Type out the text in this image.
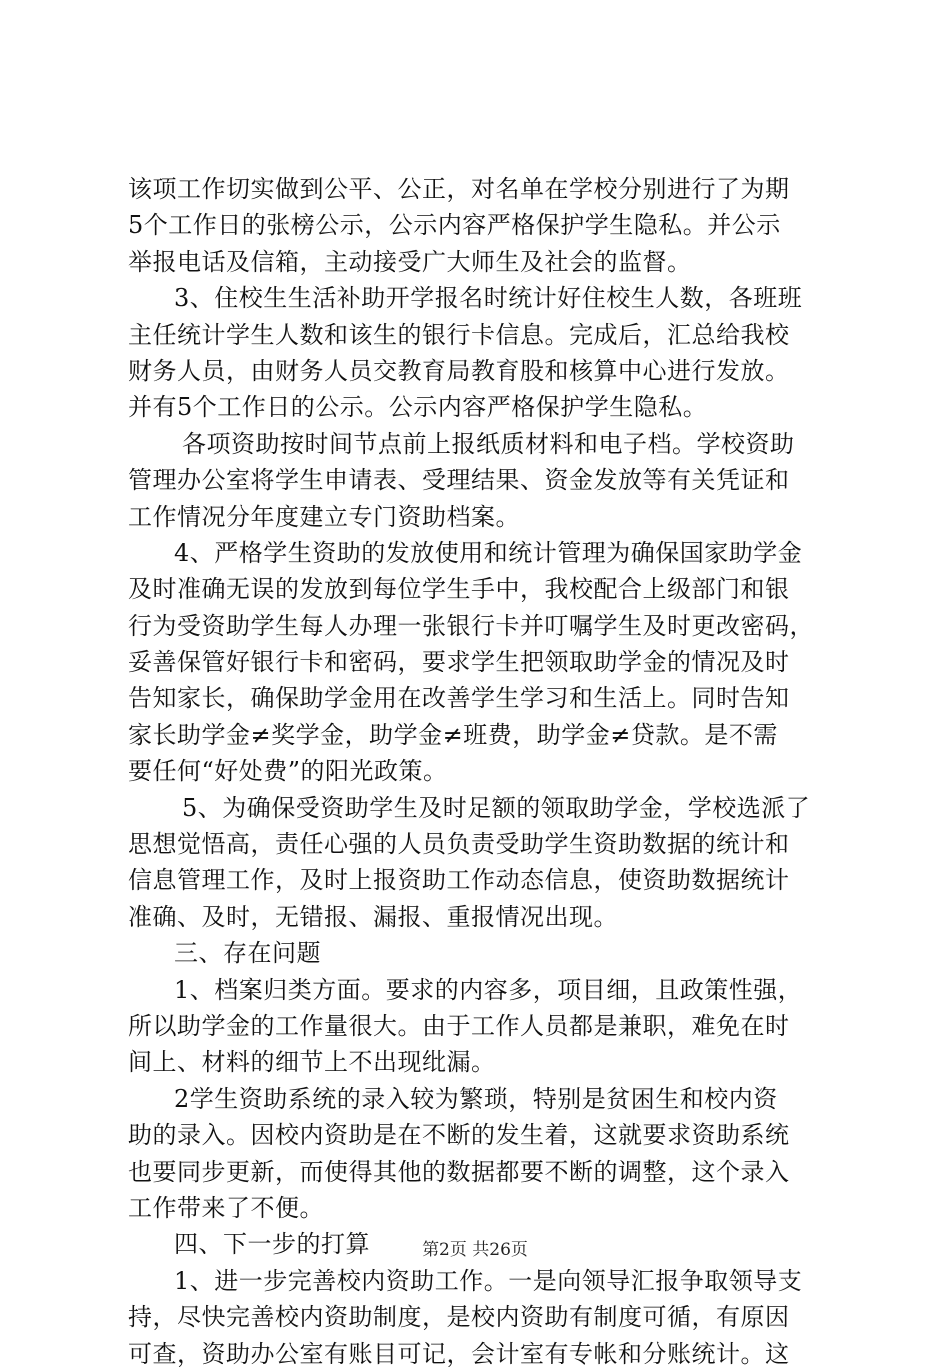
该项工作切实做到公平、公正，对名单在学校分别进行了为期
5个工作日的张榜公示，公示内容严格保护学生隐私。并公示
举报电话及信箱，主动接受广大师生及社会的监督。
3、住校生生活补助开学报名时统计好住校生人数，各班班
主任统计学生人数和该生的银行卡信息。完成后，汇总给我校
财务人员，由财务人员交教育局教育股和核算中心进行发放。
并有5个工作日的公示。公示内容严格保护学生隐私。
各项资助按时间节点前上报纸质材料和电子档。学校资助
管理办公室将学生申请表、受理结果、资金发放等有关凭证和
工作情况分年度建立专门资助档案。
4、严格学生资助的发放使用和统计管理为确保国家助学金
及时准确无误的发放到每位学生手中，我校配合上级部门和银
行为受资助学生每人办理一张银行卡并叮嘱学生及时更改密码，
妥善保管好银行卡和密码，要求学生把领取助学金的情况及时
告知家长，确保助学金用在改善学生学习和生活上。同时告知
家长助学金≠奖学金，助学金≠班费，助学金≠贷款。是不需
要任何“好处费”的阳光政策。
5、为确保受资助学生及时足额的领取助学金，学校选派了
思想觉悟高，责任心强的人员负责受助学生资助数据的统计和
信息管理工作，及时上报资助工作动态信息，使资助数据统计
准确、及时，无错报、漏报、重报情况出现。
三、存在问题
1、档案归类方面。要求的内容多，项目细，且政策性强，
所以助学金的工作量很大。由于工作人员都是兼职，难免在时
间上、材料的细节上不出现纰漏。
2学生资助系统的录入较为繁琐，特别是贫困生和校内资
助的录入。因校内资助是在不断的发生着，这就要求资助系统
也要同步更新，而使得其他的数据都要不断的调整，这个录入
工作带来了不便。
四、下一步的打算
1、进一步完善校内资助工作。一是向领导汇报争取领导支
持，尽快完善校内资助制度，是校内资助有制度可循，有原因
可查，资助办公室有账目可记，会计室有专帐和分账统计。这
第2页 共26页
